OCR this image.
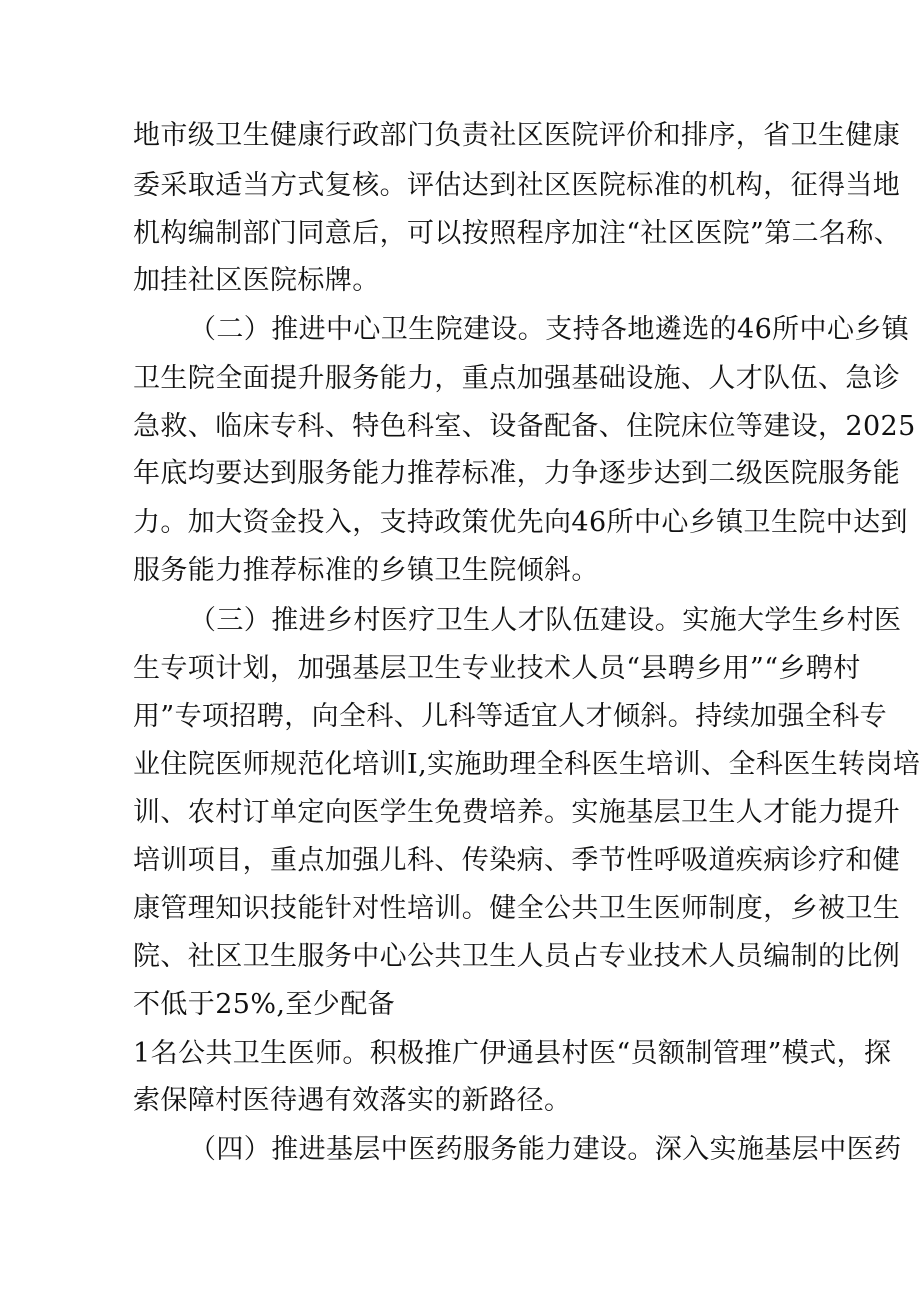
地市级卫生健康行政部门负责社区医院评价和排序，省卫生健康
委采取适当方式复核。评估达到社区医院标准的机构，征得当地
机构编制部门同意后，可以按照程序加注“社区医院”第二名称、
加挂社区医院标牌。
（二）推进中心卫生院建设。支持各地遴选的46所中心乡镇
卫生院全面提升服务能力，重点加强基础设施、人才队伍、急诊
急救、临床专科、特色科室、设备配备、住院床位等建设，2025
年底均要达到服务能力推荐标准，力争逐步达到二级医院服务能
力。加大资金投入，支持政策优先向46所中心乡镇卫生院中达到
服务能力推荐标准的乡镇卫生院倾斜。
（三）推进乡村医疗卫生人才队伍建设。实施大学生乡村医
生专项计划，加强基层卫生专业技术人员“县聘乡用”“乡聘村
用”专项招聘，向全科、儿科等适宜人才倾斜。持续加强全科专
业住院医师规范化培训I,实施助理全科医生培训、全科医生转岗培
训、农村订单定向医学生免费培养。实施基层卫生人才能力提升
培训项目，重点加强儿科、传染病、季节性呼吸道疾病诊疗和健
康管理知识技能针对性培训。健全公共卫生医师制度，乡被卫生
院、社区卫生服务中心公共卫生人员占专业技术人员编制的比例
不低于25%,至少配备
1名公共卫生医师。积极推广伊通县村医“员额制管理”模式，探
索保障村医待遇有效落实的新路径。
（四）推进基层中医药服务能力建设。深入实施基层中医药
